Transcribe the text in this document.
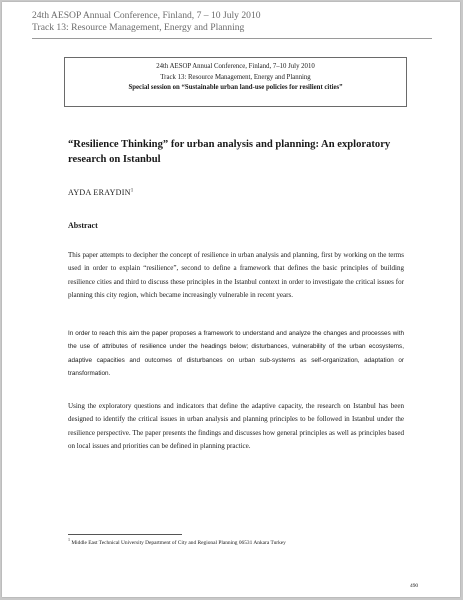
24th AESOP Annual Conference, Finland, 7 – 10 July 2010
Track 13: Resource Management, Energy and Planning
24th AESOP Annual Conference, Finland, 7–10 July 2010
Track 13: Resource Management, Energy and Planning
Special session on “Sustainable urban land-use policies for resilient cities”
“Resilience Thinking” for urban analysis and planning: An exploratory research on Istanbul
AYDA ERAYDIN$^1$
Abstract
This paper attempts to decipher the concept of resilience in urban analysis and planning, first by working on the terms used in order to explain “resilience”, second to define a framework that defines the basic principles of building resilience cities and third to discuss these principles in the Istanbul context in order to investigate the critical issues for planning this city region, which became increasingly vulnerable in recent years.
In order to reach this aim the paper proposes a framework to understand and analyze the changes and processes with the use of attributes of resilience under the headings below; disturbances, vulnerability of the urban ecosystems, adaptive capacities and outcomes of disturbances on urban sub-systems as self-organization, adaptation or transformation.
Using the exploratory questions and indicators that define the adaptive capacity, the research on Istanbul has been designed to identify the critical issues in urban analysis and planning principles to be followed in Istanbul under the resilience perspective. The paper presents the findings and discusses how general principles as well as principles based on local issues and priorities can be defined in planning practice.
$^1$ Middle East Technical University Department of City and Regional Planning 06531 Ankara Turkey
490
